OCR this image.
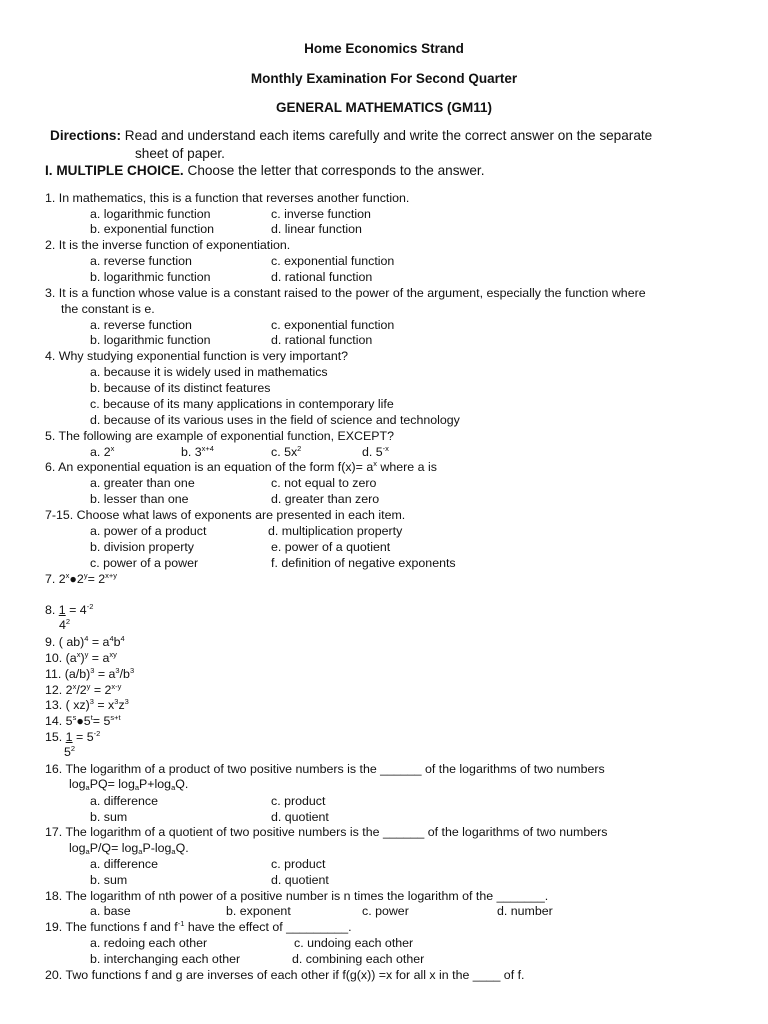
Home Economics Strand
Monthly Examination For Second Quarter
GENERAL MATHEMATICS (GM11)
Directions: Read and understand each items carefully and write the correct answer on the separate
sheet of paper.
I. MULTIPLE CHOICE. Choose the letter that corresponds to the answer.
1. In mathematics, this is a function that reverses another function.
a. logarithmic function	c. inverse function
b. exponential function	d. linear function
2. It is the inverse function of exponentiation.
a. reverse function	c. exponential function
b. logarithmic function	d. rational function
3. It is a function whose value is a constant raised to the power of the argument, especially the function where
the constant is e.
a. reverse function	c. exponential function
b. logarithmic function	d. rational function
4. Why studying exponential function is very important?
a. because it is widely used in mathematics
b. because of its distinct features
c. because of its many applications in contemporary life
d. because of its various uses in the field of science and technology
5. The following are example of exponential function, EXCEPT?
a. 2$^x$	b. $3^{x+4}$	c. $5x^2$	d. $5^{-x}$
6. An exponential equation is an equation of the form $f(x)= a^x$ where a is
a. greater than one	c. not equal to zero
b. lesser than one	d. greater than zero
7-15. Choose what laws of exponents are presented in each item.
a. power of a product	d. multiplication property
b. division property	e. power of a quotient
c. power of a power	f. definition of negative exponents
7. $2^x●2^y= 2^{x+y}$
8. $1 = 4^{-2}$
$4^2$
9. ( $ab)^4 = a^4b^4$
10. $(a^x)^y = a^{xy}$
11. $(a/b)^3 = a^3/b^3$
12. $2^x/2^y = 2^{x-y}$
13. ( $xz)^3 = x^3z^3$
14. $5^s●5^t= 5^{s+t}$
15. $1 = 5^{-2}$
$5^2$
16. The logarithm of a product of two positive numbers is the ______ of the logarithms of two numbers
$\log_aPQ= \log_aP+\log_aQ$.
a. difference	c. product
b. sum	d. quotient
17. The logarithm of a quotient of two positive numbers is the ______ of the logarithms of two numbers
$\log_aP/Q= \log_aP-\log_aQ$.
a. difference	c. product
b. sum	d. quotient
18. The logarithm of nth power of a positive number is n times the logarithm of the _______.
a. base	b. exponent	c. power	d. number
19. The functions f and $f^{-1}$ have the effect of _________.
a. redoing each other	c. undoing each other
b. interchanging each other	d. combining each other
20. Two functions f and g are inverses of each other if f(g(x)) =x for all x in the ____ of f.
